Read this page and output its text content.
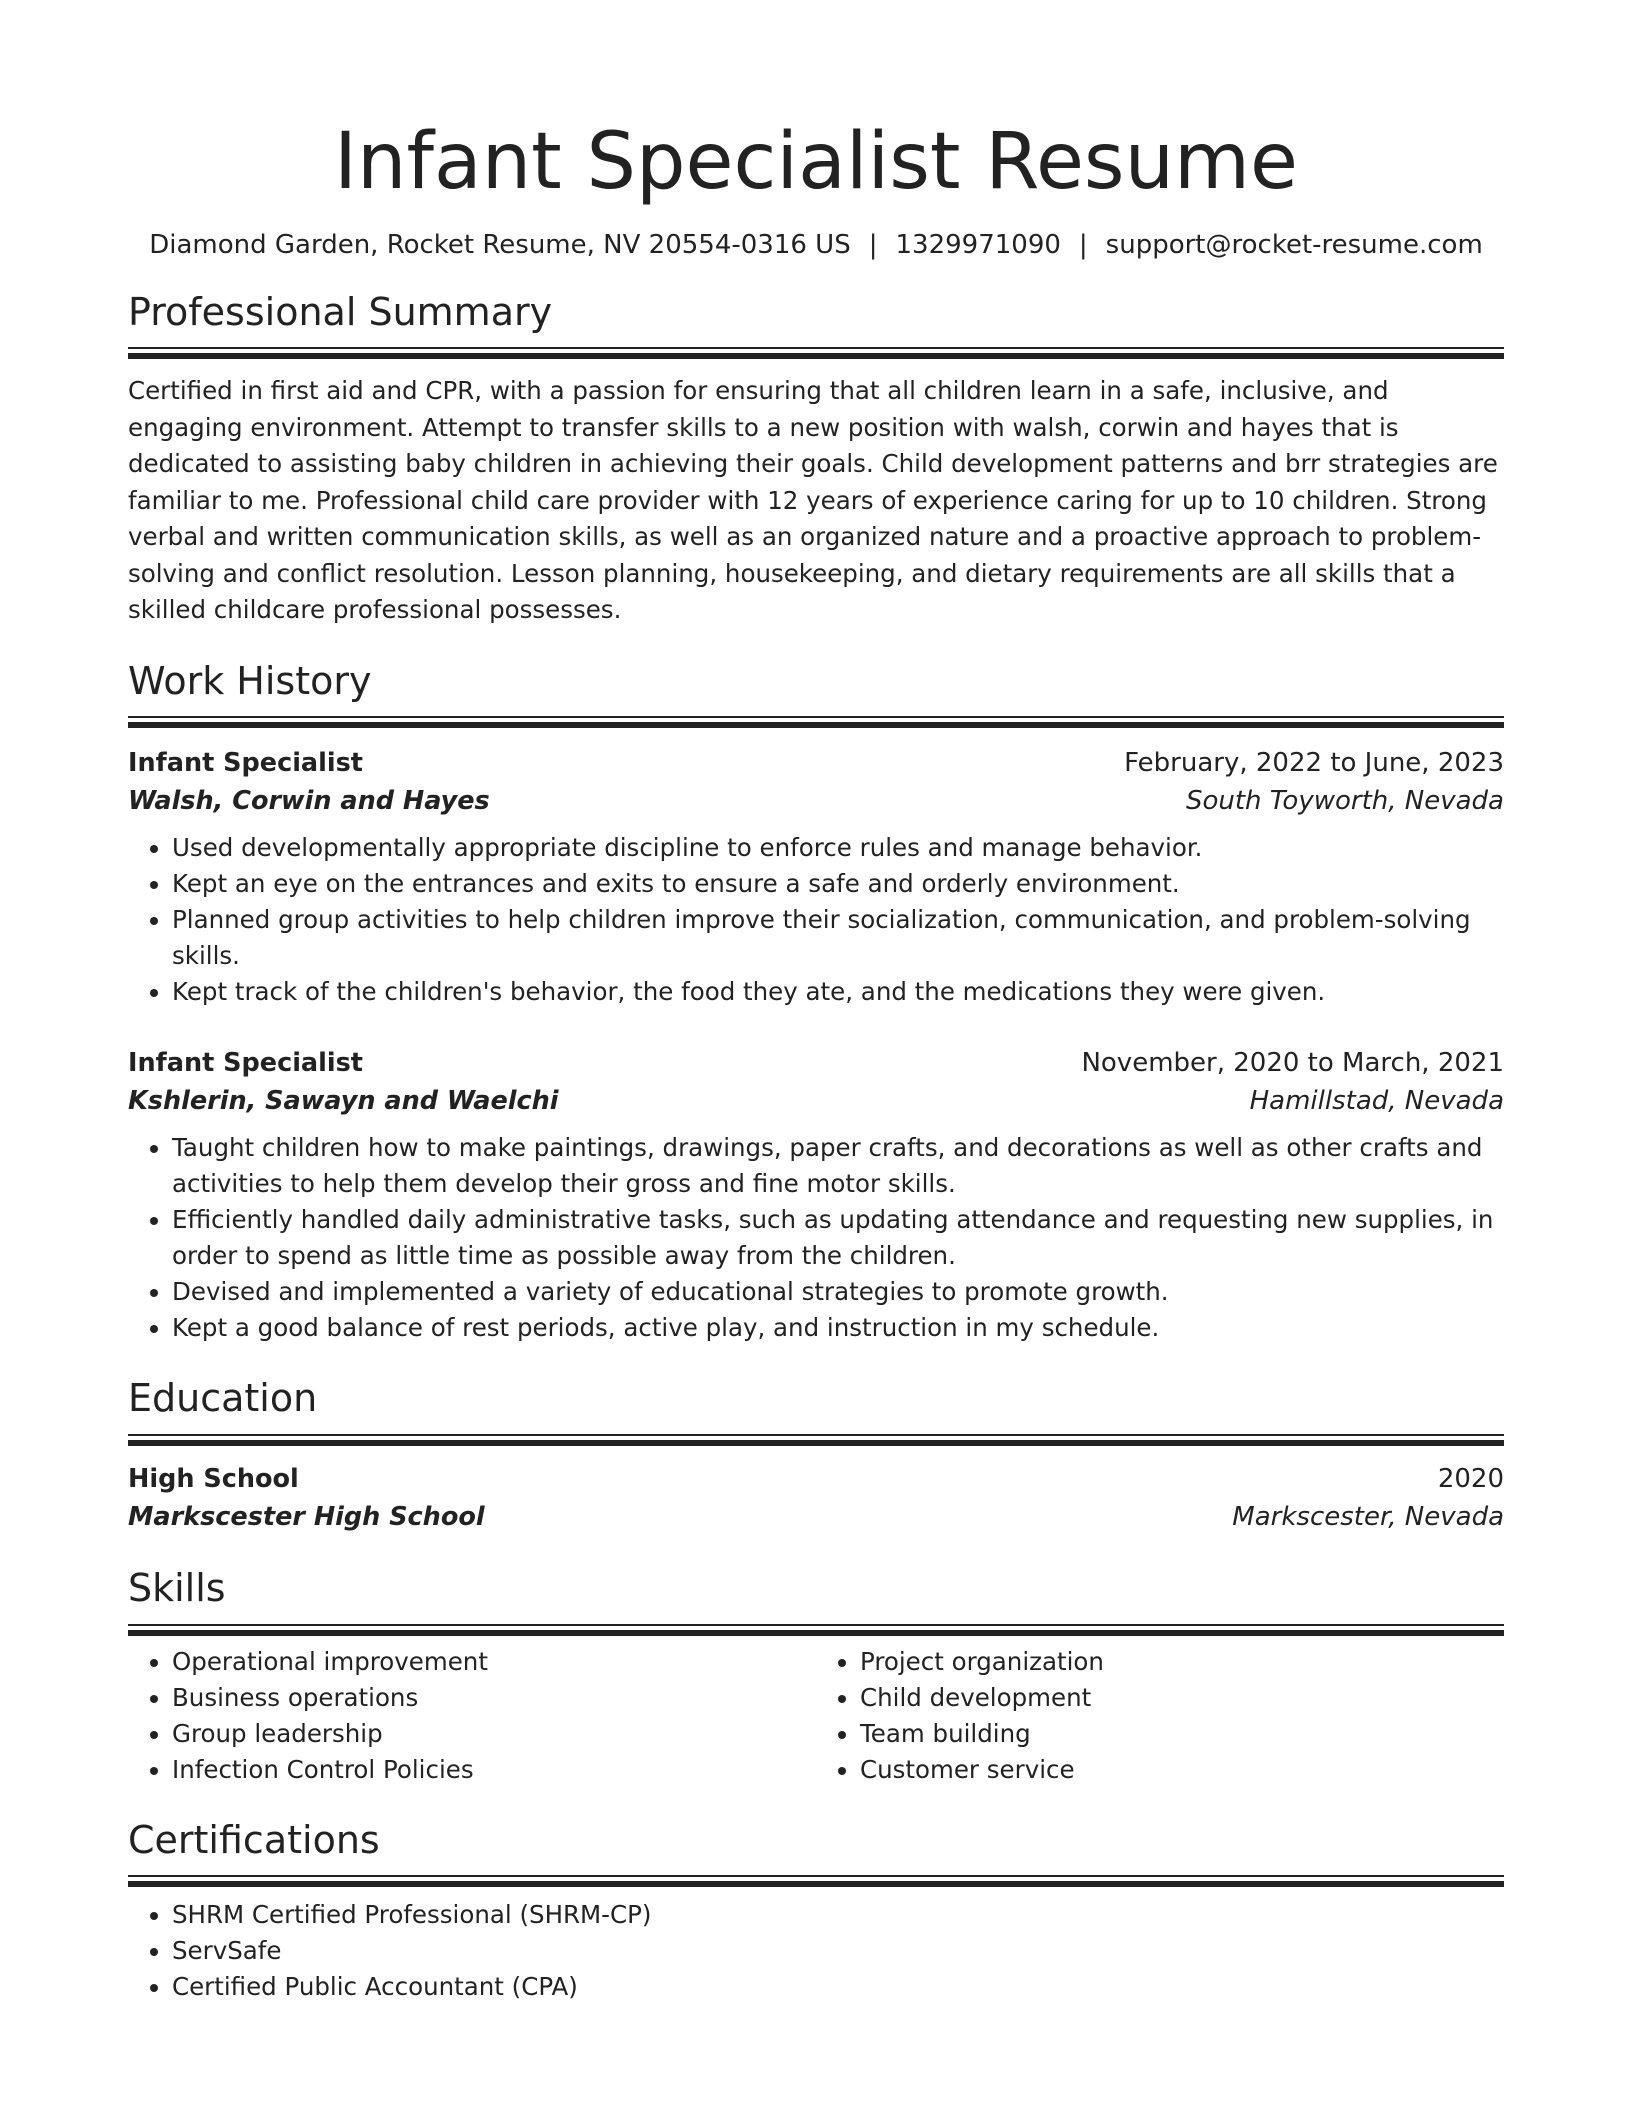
Infant Specialist Resume
Diamond Garden, Rocket Resume, NV 20554-0316 US | 1329971090 | support@rocket-resume.com
Professional Summary
Certified in first aid and CPR, with a passion for ensuring that all children learn in a safe, inclusive, and engaging environment. Attempt to transfer skills to a new position with walsh, corwin and hayes that is dedicated to assisting baby children in achieving their goals. Child development patterns and brr strategies are familiar to me. Professional child care provider with 12 years of experience caring for up to 10 children. Strong verbal and written communication skills, as well as an organized nature and a proactive approach to problem-solving and conflict resolution. Lesson planning, housekeeping, and dietary requirements are all skills that a skilled childcare professional possesses.
Work History
Infant Specialist	February, 2022 to June, 2023
Walsh, Corwin and Hayes	South Toyworth, Nevada
• Used developmentally appropriate discipline to enforce rules and manage behavior.
• Kept an eye on the entrances and exits to ensure a safe and orderly environment.
• Planned group activities to help children improve their socialization, communication, and problem-solving skills.
• Kept track of the children's behavior, the food they ate, and the medications they were given.
Infant Specialist	November, 2020 to March, 2021
Kshlerin, Sawayn and Waelchi	Hamillstad, Nevada
• Taught children how to make paintings, drawings, paper crafts, and decorations as well as other crafts and activities to help them develop their gross and fine motor skills.
• Efficiently handled daily administrative tasks, such as updating attendance and requesting new supplies, in order to spend as little time as possible away from the children.
• Devised and implemented a variety of educational strategies to promote growth.
• Kept a good balance of rest periods, active play, and instruction in my schedule.
Education
High School	2020
Markscester High School	Markscester, Nevada
Skills
• Operational improvement
• Business operations
• Group leadership
• Infection Control Policies
• Project organization
• Child development
• Team building
• Customer service
Certifications
• SHRM Certified Professional (SHRM-CP)
• ServSafe
• Certified Public Accountant (CPA)
